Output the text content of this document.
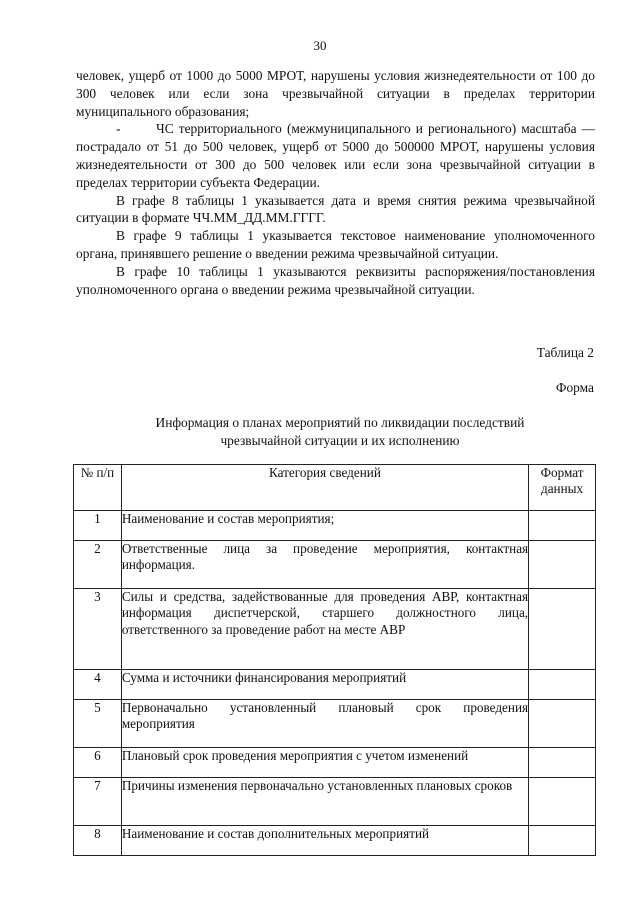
30

человек, ущерб от 1000 до 5000 МРОТ, нарушены условия жизнедеятельности от 100 до 300 человек или если зона чрезвычайной ситуации в пределах территории муниципального образования;

-       ЧС территориального (межмуниципального и регионального) масштаба — пострадало от 51 до 500 человек, ущерб от 5000 до 500000 МРОТ, нарушены условия жизнедеятельности от 300 до 500 человек или если зона чрезвычайной ситуации в пределах территории субъекта Федерации.

В графе 8 таблицы 1 указывается дата и время снятия режима чрезвычайной ситуации в формате ЧЧ.ММ_ДД.ММ.ГГГГ.

В графе 9 таблицы 1 указывается текстовое наименование уполномоченного органа, принявшего решение о введении режима чрезвычайной ситуации.

В графе 10 таблицы 1 указываются реквизиты распоряжения/постановления уполномоченного органа о введении режима чрезвычайной ситуации.

Таблица 2
Форма
Информация о планах мероприятий по ликвидации последствий чрезвычайной ситуации и их исполнению
№ п/п	Категория сведений	Формат данных
1	Наименование и состав мероприятия;	
2	Ответственные лица за проведение мероприятия, контактная информация.	
3	Силы и средства, задействованные для проведения АВР, контактная информация диспетчерской, старшего должностного лица, ответственного за проведение работ на месте АВР	
4	Сумма и источники финансирования мероприятий	
5	Первоначально установленный плановый срок проведения мероприятия	
6	Плановый срок проведения мероприятия с учетом изменений	
7	Причины изменения первоначально установленных плановых сроков	
8	Наименование и состав дополнительных мероприятий	
